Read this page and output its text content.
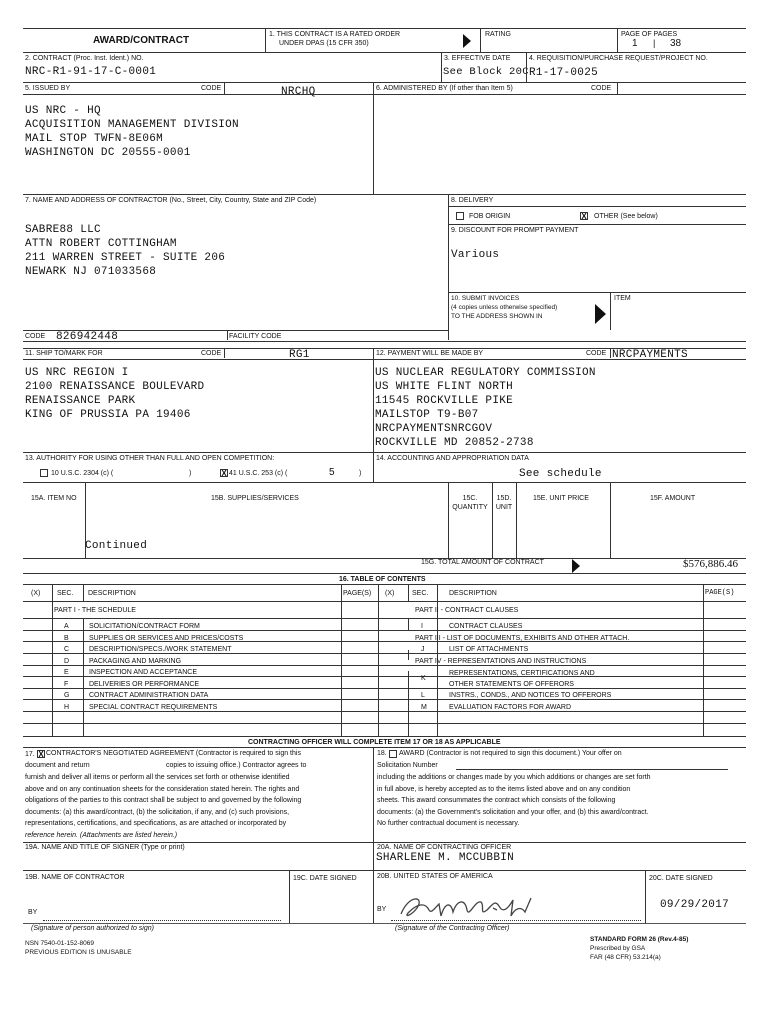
AWARD/CONTRACT
1. THIS CONTRACT IS A RATED ORDER
UNDER DPAS (15 CFR 350)
RATING	PAGE OF PAGES
1 | 38
2. CONTRACT (Proc. Inst. Ident.) NO.
NRC-R1-91-17-C-0001
3. EFFECTIVE DATE
See Block 20C
4. REQUISITION/PURCHASE REQUEST/PROJECT NO.
R1-17-0025
5. ISSUED BY	CODE	NRCHQ	6. ADMINISTERED BY (If other than Item 5)	CODE
US NRC - HQ
ACQUISITION MANAGEMENT DIVISION
MAIL STOP TWFN-8E06M
WASHINGTON DC 20555-0001
7. NAME AND ADDRESS OF CONTRACTOR (No., Street, City, Country, State and ZIP Code)	8. DELIVERY
FOB ORIGIN	X OTHER (See below)
9. DISCOUNT FOR PROMPT PAYMENT
Various
SABRE88 LLC
ATTN ROBERT COTTINGHAM
211 WARREN STREET - SUITE 206
NEWARK NJ 071033568
10. SUBMIT INVOICES
(4 copies unless otherwise specified)
TO THE ADDRESS SHOWN IN
ITEM
CODE 826942448	FACILITY CODE
11. SHIP TO/MARK FOR	CODE	RG1	12. PAYMENT WILL BE MADE BY	CODE NRCPAYMENTS
US NRC REGION I
2100 RENAISSANCE BOULEVARD
RENAISSANCE PARK
KING OF PRUSSIA PA 19406
US NUCLEAR REGULATORY COMMISSION
US WHITE FLINT NORTH
11545 ROCKVILLE PIKE
MAILSTOP T9-B07
NRCPAYMENTSNRCGOV
ROCKVILLE MD 20852-2738
13. AUTHORITY FOR USING OTHER THAN FULL AND OPEN COMPETITION:	14. ACCOUNTING AND APPROPRIATION DATA
10 U.S.C. 2304 (c) (	)	X 41 U.S.C. 253 (c) (	5	)	See schedule
15A. ITEM NO	15B. SUPPLIES/SERVICES	15C.
QUANTITY
15D.
UNIT
15E. UNIT PRICE	15F. AMOUNT
Continued
15G. TOTAL AMOUNT OF CONTRACT	$576,886.46
16. TABLE OF CONTENTS
(X) SEC. DESCRIPTION	PAGE(S) (X)	SEC.	DESCRIPTION	PAGE(S)
PART I - THE SCHEDULE	PART II - CONTRACT CLAUSES
A	SOLICITATION/CONTRACT FORM
B	SUPPLIES OR SERVICES AND PRICES/COSTS
C	DESCRIPTION/SPECS./WORK STATEMENT
D	PACKAGING AND MARKING
E	INSPECTION AND ACCEPTANCE
F	DELIVERIES OR PERFORMANCE
G	CONTRACT ADMINISTRATION DATA
H	SPECIAL CONTRACT REQUIREMENTS
I	CONTRACT CLAUSES
PART III - LIST OF DOCUMENTS, EXHIBITS AND OTHER ATTACH.
J	LIST OF ATTACHMENTS
PART IV - REPRESENTATIONS AND INSTRUCTIONS
K
REPRESENTATIONS, CERTIFICATIONS AND
OTHER STATEMENTS OF OFFERORS
L	INSTRS., CONDS., AND NOTICES TO OFFERORS
M	EVALUATION FACTORS FOR AWARD
CONTRACTING OFFICER WILL COMPLETE ITEM 17 OR 18 AS APPLICABLE
17. X CONTRACTOR'S NEGOTIATED AGREEMENT (Contractor is required to sign this
document and return	copies to issuing office.) Contractor agrees to
furnish and deliver all items or perform all the services set forth or otherwise identified
above and on any continuation sheets for the consideration stated herein. The rights and
obligations of the parties to this contract shall be subject to and governed by the following
documents: (a) this award/contract, (b) the solicitation, if any, and (c) such provisions,
representations, certifications, and specifications, as are attached or incorporated by
reference herein. (Attachments are listed herein.)
18. AWARD (Contractor is not required to sign this document.) Your offer on
Solicitation Number
including the additions or changes made by you which additions or changes are set forth
in full above, is hereby accepted as to the items listed above and on any condition
sheets. This award consummates the contract which consists of the following
documents: (a) the Government's solicitation and your offer, and (b) this award/contract.
No further contractual document is necessary.
19A. NAME AND TITLE OF SIGNER (Type or print)	20A. NAME OF CONTRACTING OFFICER
SHARLENE M. MCCUBBIN
19B. NAME OF CONTRACTOR	19C. DATE SIGNED	20B. UNITED STATES OF AMERICA	20C. DATE SIGNED
09/29/2017
BY
(Signature of person authorized to sign)
BY
(Signature of the Contracting Officer)
NSN 7540-01-152-8069
PREVIOUS EDITION IS UNUSABLE
STANDARD FORM 26 (Rev.4-85)
Prescribed by GSA
FAR (48 CFR) 53.214(a)
